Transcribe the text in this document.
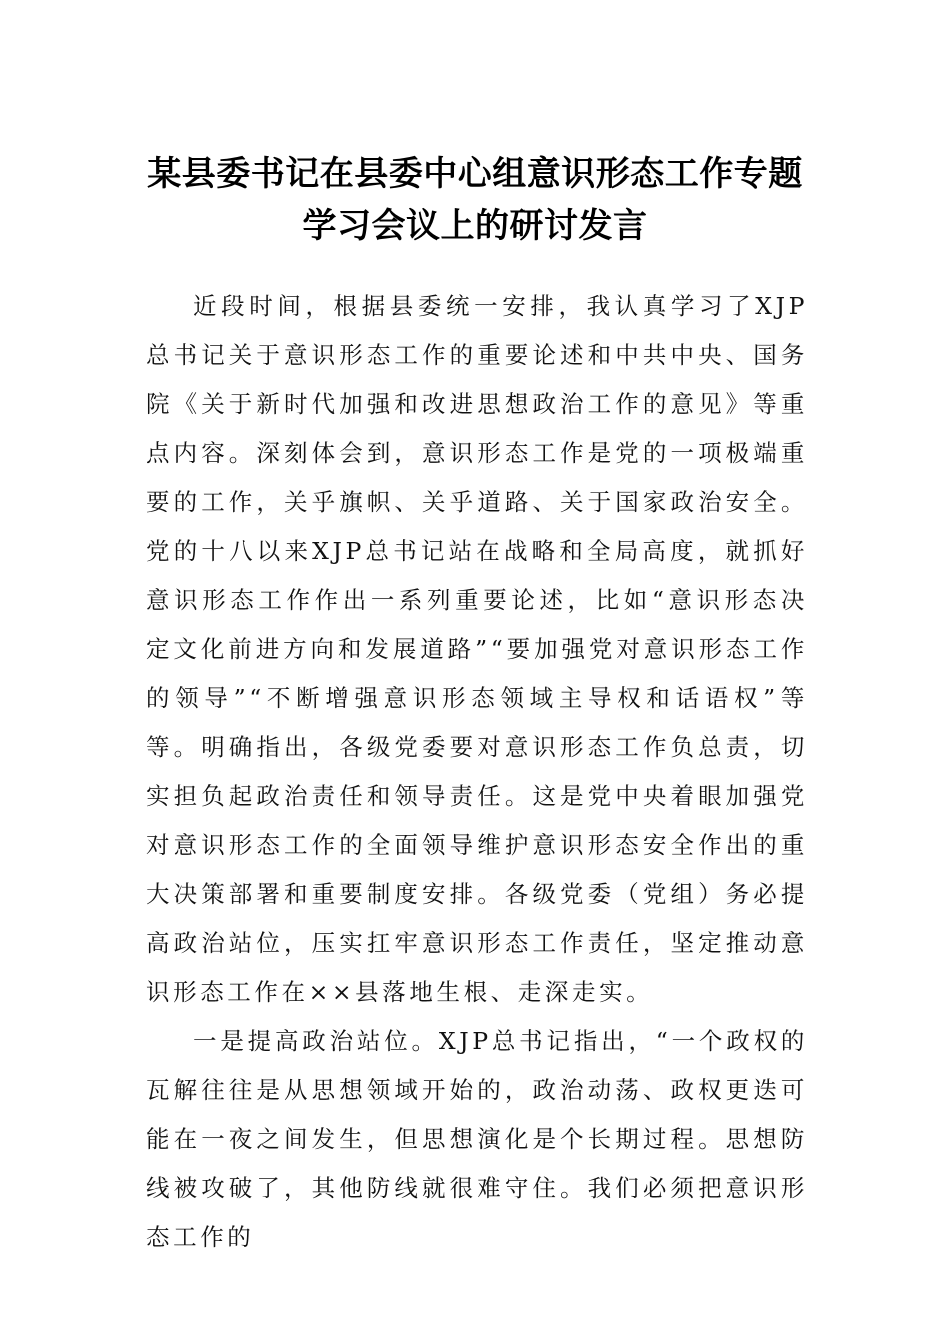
某县委书记在县委中心组意识形态工作专题学习会议上的研讨发言

近段时间，根据县委统一安排，我认真学习了XJP总书记关于意识形态工作的重要论述和中共中央、国务院《关于新时代加强和改进思想政治工作的意见》等重点内容。深刻体会到，意识形态工作是党的一项极端重要的工作，关乎旗帜、关乎道路、关于国家政治安全。党的十八以来XJP总书记站在战略和全局高度，就抓好意识形态工作作出一系列重要论述，比如“意识形态决定文化前进方向和发展道路”“要加强党对意识形态工作的领导”“不断增强意识形态领域主导权和话语权”等等。明确指出，各级党委要对意识形态工作负总责，切实担负起政治责任和领导责任。这是党中央着眼加强党对意识形态工作的全面领导维护意识形态安全作出的重大决策部署和重要制度安排。各级党委（党组）务必提高政治站位，压实扛牢意识形态工作责任，坚定推动意识形态工作在××县落地生根、走深走实。

一是提高政治站位。XJP总书记指出，“一个政权的瓦解往往是从思想领域开始的，政治动荡、政权更迭可能在一夜之间发生，但思想演化是个长期过程。思想防线被攻破了，其他防线就很难守住。我们必须把意识形态工作的
